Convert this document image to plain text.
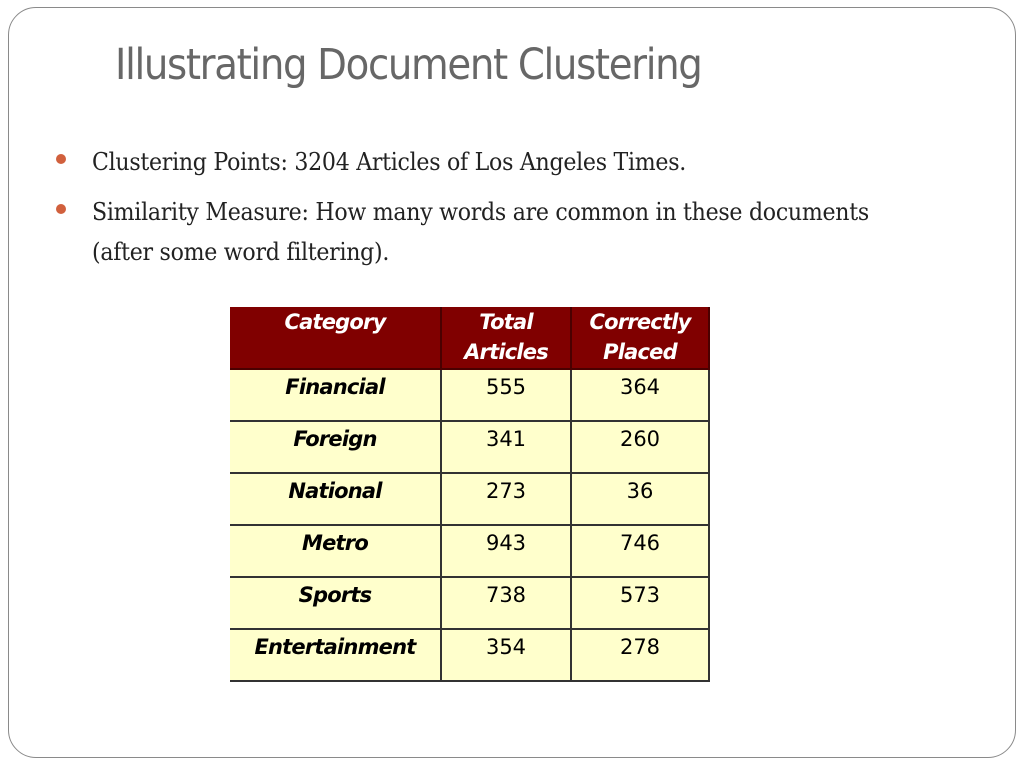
Illustrating Document Clustering
Clustering Points: 3204 Articles of Los Angeles Times.
Similarity Measure: How many words are common in these documents (after some word filtering).
Category	Total Articles	Correctly Placed
Financial	555	364
Foreign	341	260
National	273	36
Metro	943	746
Sports	738	573
Entertainment	354	278
